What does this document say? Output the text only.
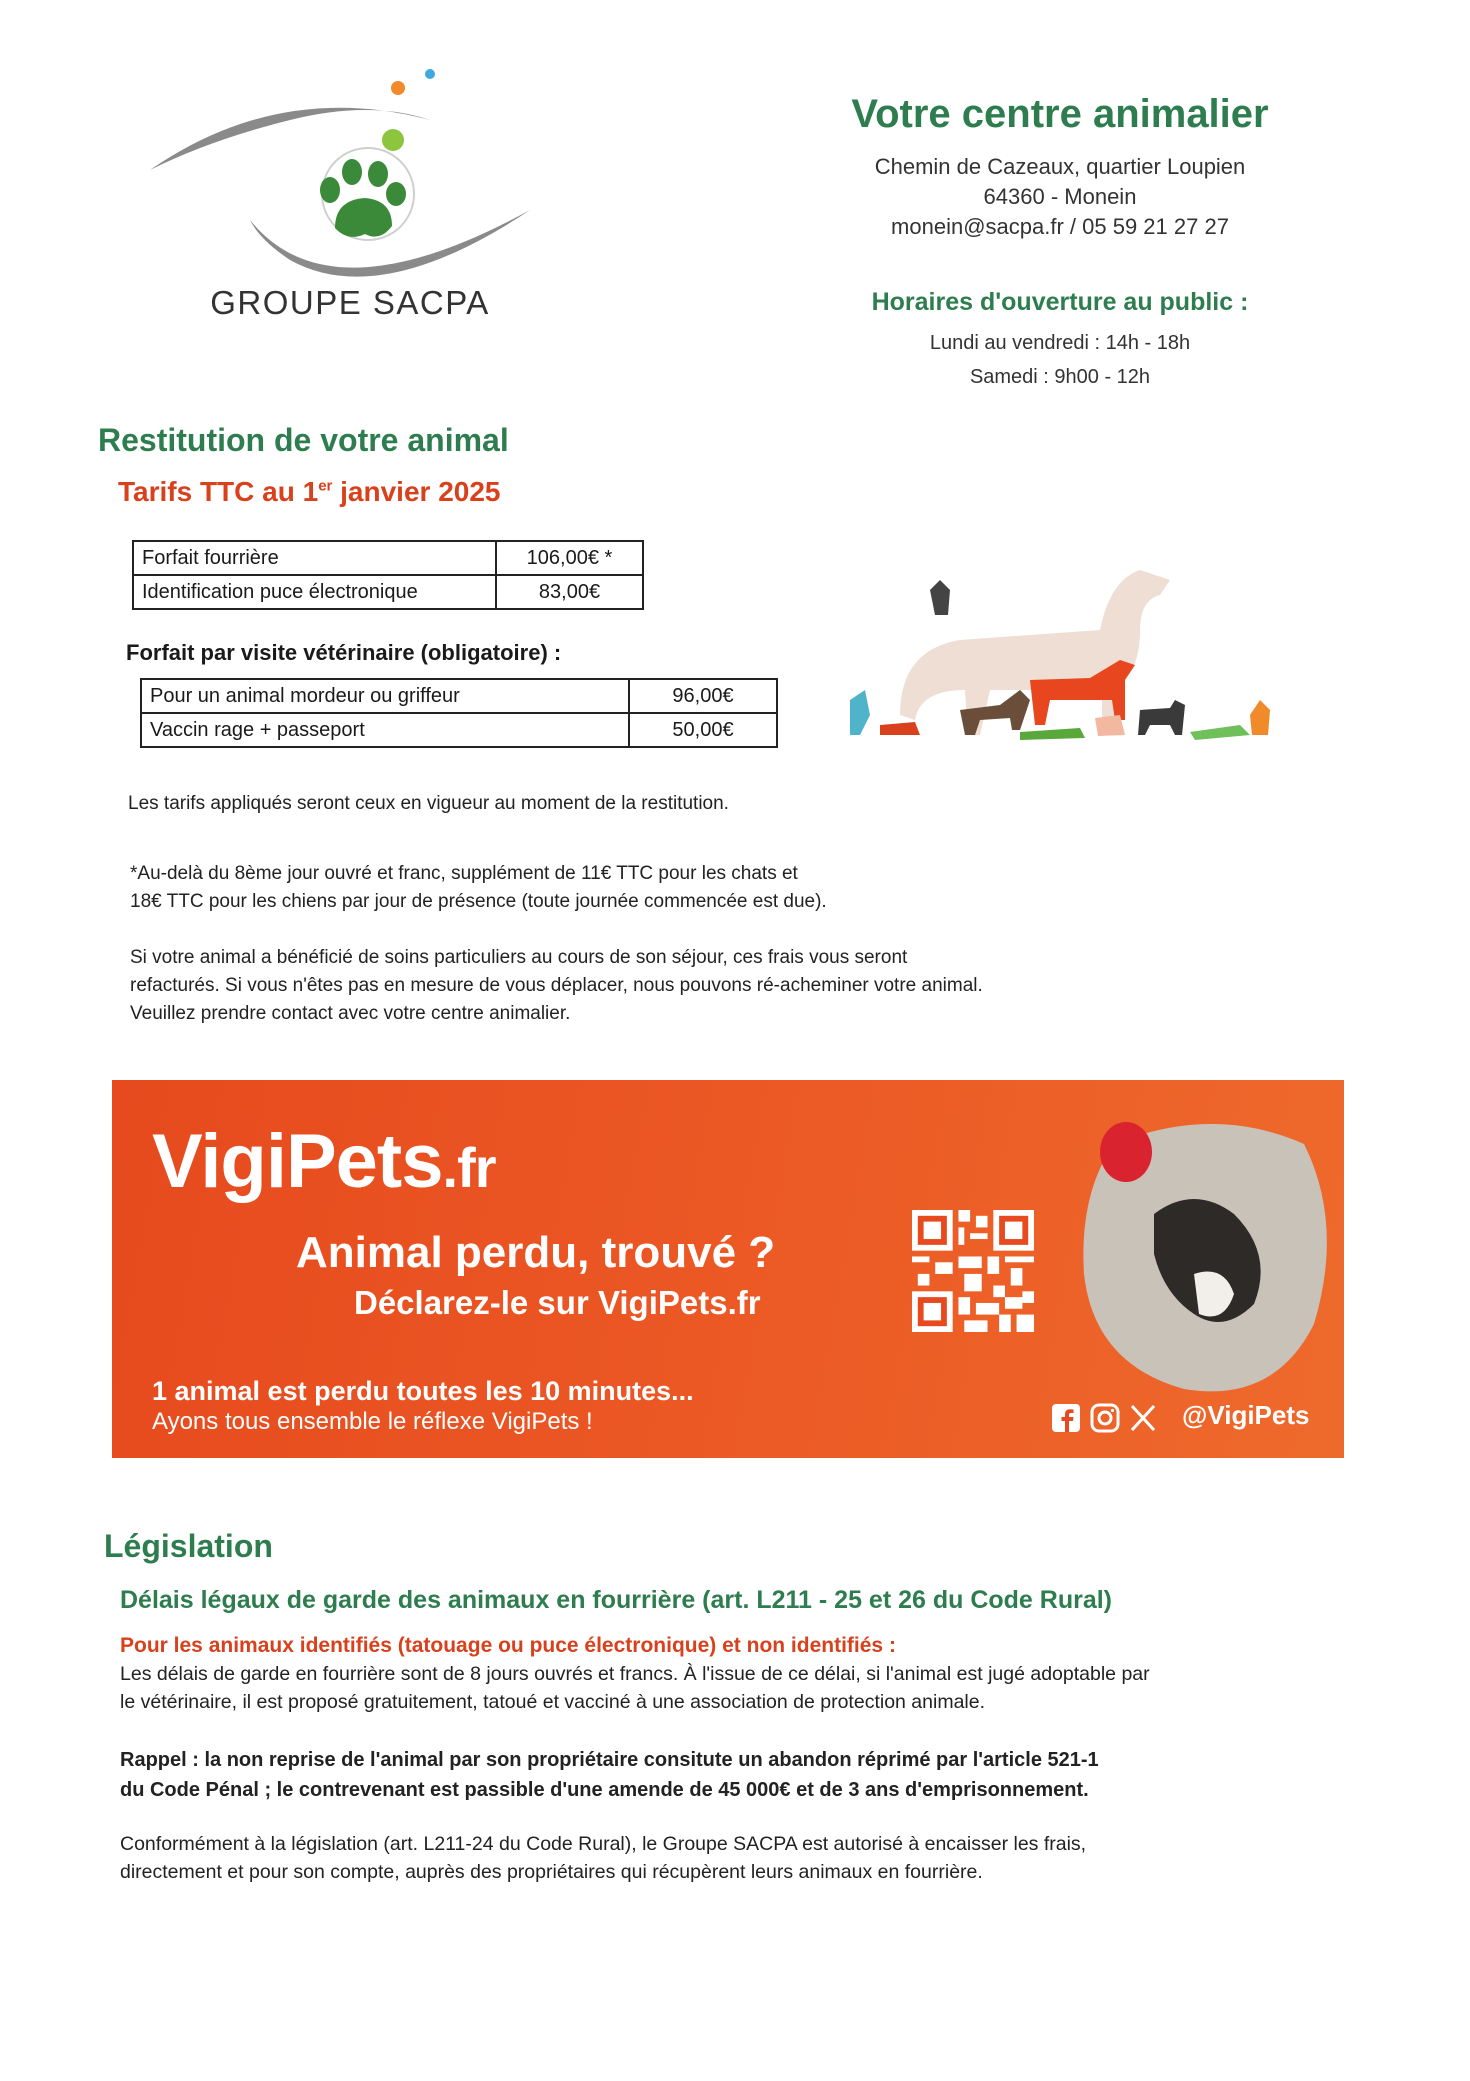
GROUPE SACPA
Votre centre animalier
Chemin de Cazeaux, quartier Loupien
64360 - Monein
monein@sacpa.fr / 05 59 21 27 27
Horaires d'ouverture au public :
Lundi au vendredi : 14h - 18h
Samedi : 9h00 - 12h
Restitution de votre animal
Tarifs TTC au 1er janvier 2025
Forfait fourrière	106,00€ *
Identification puce électronique	83,00€
Forfait par visite vétérinaire (obligatoire) :
Pour un animal mordeur ou griffeur	96,00€
Vaccin rage + passeport	50,00€
Les tarifs appliqués seront ceux en vigueur au moment de la restitution.
*Au-delà du 8ème jour ouvré et franc, supplément de 11€ TTC pour les chats et
18€ TTC pour les chiens par jour de présence (toute journée commencée est due).
Si votre animal a bénéficié de soins particuliers au cours de son séjour, ces frais vous seront
refacturés. Si vous n'êtes pas en mesure de vous déplacer, nous pouvons ré-acheminer votre animal.
Veuillez prendre contact avec votre centre animalier.
VigiPets.fr
Animal perdu, trouvé ?
Déclarez-le sur VigiPets.fr
1 animal est perdu toutes les 10 minutes...
Ayons tous ensemble le réflexe VigiPets !	@VigiPets
Législation
Délais légaux de garde des animaux en fourrière (art. L211 - 25 et 26 du Code Rural)
Pour les animaux identifiés (tatouage ou puce électronique) et non identifiés :
Les délais de garde en fourrière sont de 8 jours ouvrés et francs. À l'issue de ce délai, si l'animal est jugé adoptable par
le vétérinaire, il est proposé gratuitement, tatoué et vacciné à une association de protection animale.
Rappel : la non reprise de l'animal par son propriétaire consitute un abandon réprimé par l'article 521-1
du Code Pénal ; le contrevenant est passible d'une amende de 45 000€ et de 3 ans d'emprisonnement.
Conformément à la législation (art. L211-24 du Code Rural), le Groupe SACPA est autorisé à encaisser les frais,
directement et pour son compte, auprès des propriétaires qui récupèrent leurs animaux en fourrière.
